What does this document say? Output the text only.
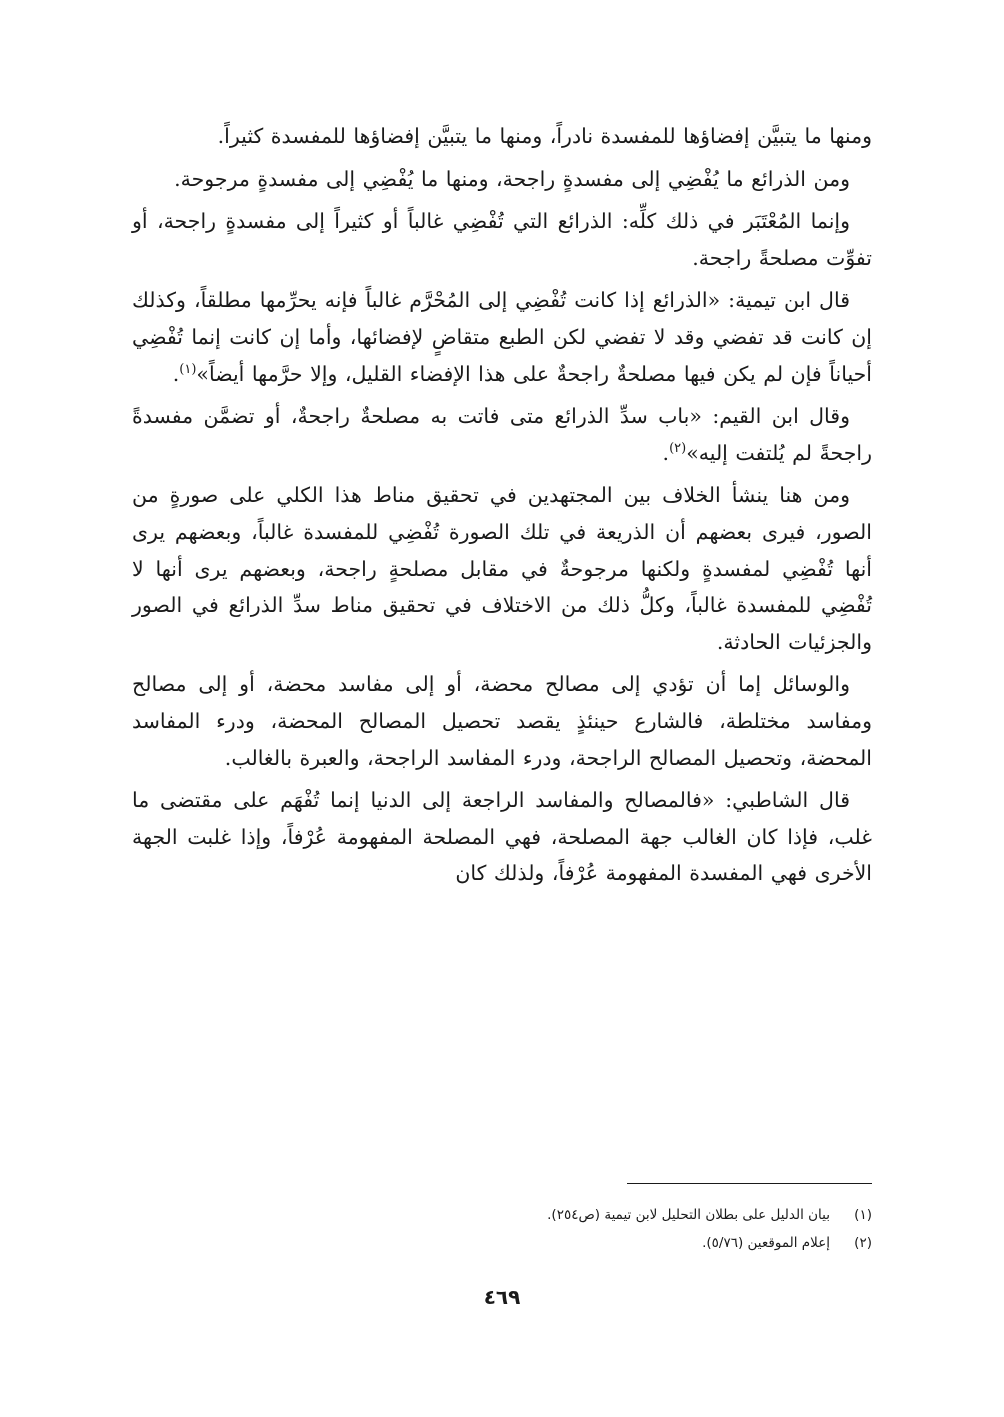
ومنها ما يتبيَّن إفضاؤها للمفسدة نادراً، ومنها ما يتبيَّن إفضاؤها للمفسدة كثيراً.

ومن الذرائع ما يُفْضِي إلى مفسدةٍ راجحة، ومنها ما يُفْضِي إلى مفسدةٍ مرجوحة.

وإنما المُعْتَبَر في ذلك كلِّه: الذرائع التي تُفْضِي غالباً أو كثيراً إلى مفسدةٍ راجحة، أو تفوِّت مصلحةً راجحة.

قال ابن تيمية: «الذرائع إذا كانت تُفْضِي إلى المُحْرَّم غالباً فإنه يحرِّمها مطلقاً، وكذلك إن كانت قد تفضي وقد لا تفضي لكن الطبع متقاضٍ لإفضائها، وأما إن كانت إنما تُفْضِي أحياناً فإن لم يكن فيها مصلحةٌ راجحةٌ على هذا الإفضاء القليل، وإلا حرَّمها أيضاً»$^{(١)}$.

وقال ابن القيم: «باب سدِّ الذرائع متى فاتت به مصلحةٌ راجحةٌ، أو تضمَّن مفسدةً راجحةً لم يُلتفت إليه»$^{(٢)}$.

ومن هنا ينشأ الخلاف بين المجتهدين في تحقيق مناط هذا الكلي على صورةٍ من الصور، فيرى بعضهم أن الذريعة في تلك الصورة تُفْضِي للمفسدة غالباً، وبعضهم يرى أنها تُفْضِي لمفسدةٍ ولكنها مرجوحةٌ في مقابل مصلحةٍ راجحة، وبعضهم يرى أنها لا تُفْضِي للمفسدة غالباً، وكلُّ ذلك من الاختلاف في تحقيق مناط سدِّ الذرائع في الصور والجزئيات الحادثة.

والوسائل إما أن تؤدي إلى مصالح محضة، أو إلى مفاسد محضة، أو إلى مصالح ومفاسد مختلطة، فالشارع حينئذٍ يقصد تحصيل المصالح المحضة، ودرء المفاسد المحضة، وتحصيل المصالح الراجحة، ودرء المفاسد الراجحة، والعبرة بالغالب.

قال الشاطبي: «فالمصالح والمفاسد الراجعة إلى الدنيا إنما تُفْهَم على مقتضى ما غلب، فإذا كان الغالب جهة المصلحة، فهي المصلحة المفهومة عُرْفاً، وإذا غلبت الجهة الأخرى فهي المفسدة المفهومة عُرْفاً، ولذلك كان

(١)
بيان الدليل على بطلان التحليل لابن تيمية (ص٢٥٤).
(٢)
إعلام الموقعين (٥/٧٦).
٤٦٩
